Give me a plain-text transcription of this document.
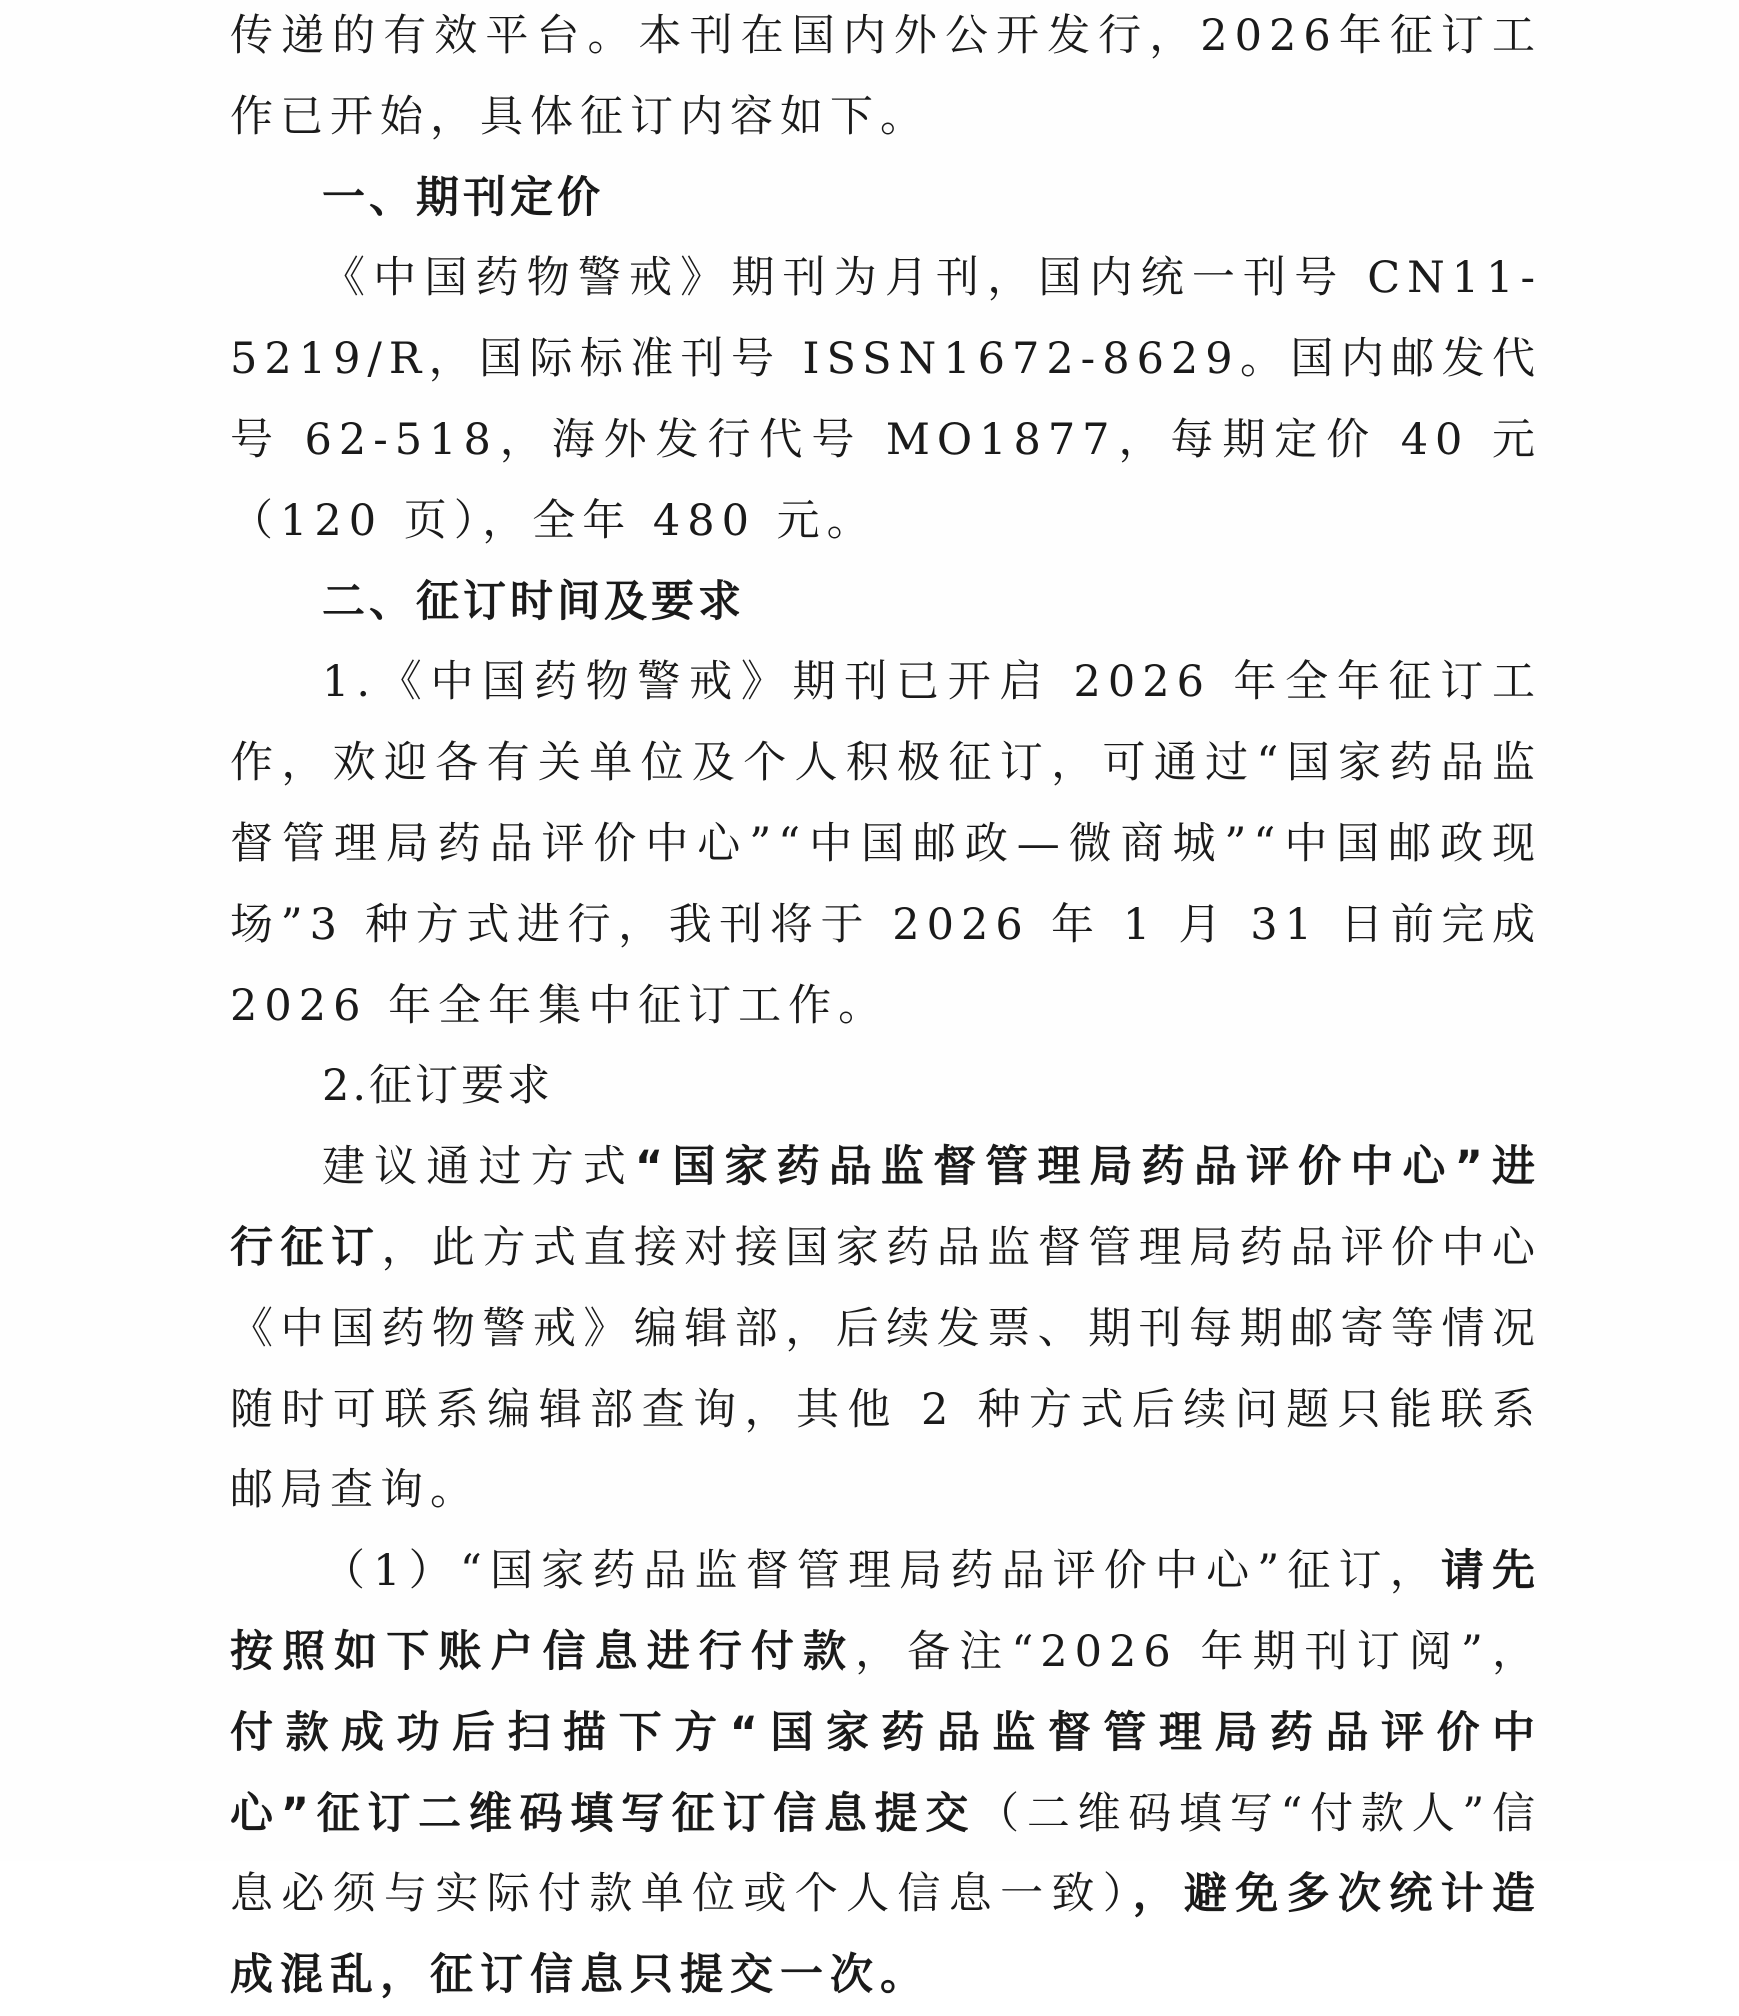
传递的有效平台。本刊在国内外公开发行，2026年征订工作已开始，具体征订内容如下。

一、期刊定价

《中国药物警戒》期刊为月刊，国内统一刊号 CN11-5219/R，国际标准刊号 ISSN1672-8629。国内邮发代号 62-518，海外发行代号 MO1877，每期定价 40 元（120 页），全年 480 元。

二、征订时间及要求

1.《中国药物警戒》期刊已开启 2026 年全年征订工作，欢迎各有关单位及个人积极征订，可通过“国家药品监督管理局药品评价中心”“中国邮政—微商城”“中国邮政现场”3 种方式进行，我刊将于 2026 年 1 月 31 日前完成 2026 年全年集中征订工作。

2.征订要求

建议通过方式“国家药品监督管理局药品评价中心”进行征订，此方式直接对接国家药品监督管理局药品评价中心《中国药物警戒》编辑部，后续发票、期刊每期邮寄等情况随时可联系编辑部查询，其他 2 种方式后续问题只能联系邮局查询。

（1）“国家药品监督管理局药品评价中心”征订，请先按照如下账户信息进行付款，备注“2026 年期刊订阅”，付款成功后扫描下方“国家药品监督管理局药品评价中心”征订二维码填写征订信息提交（二维码填写“付款人”信息必须与实际付款单位或个人信息一致），避免多次统计造成混乱，征订信息只提交一次。
